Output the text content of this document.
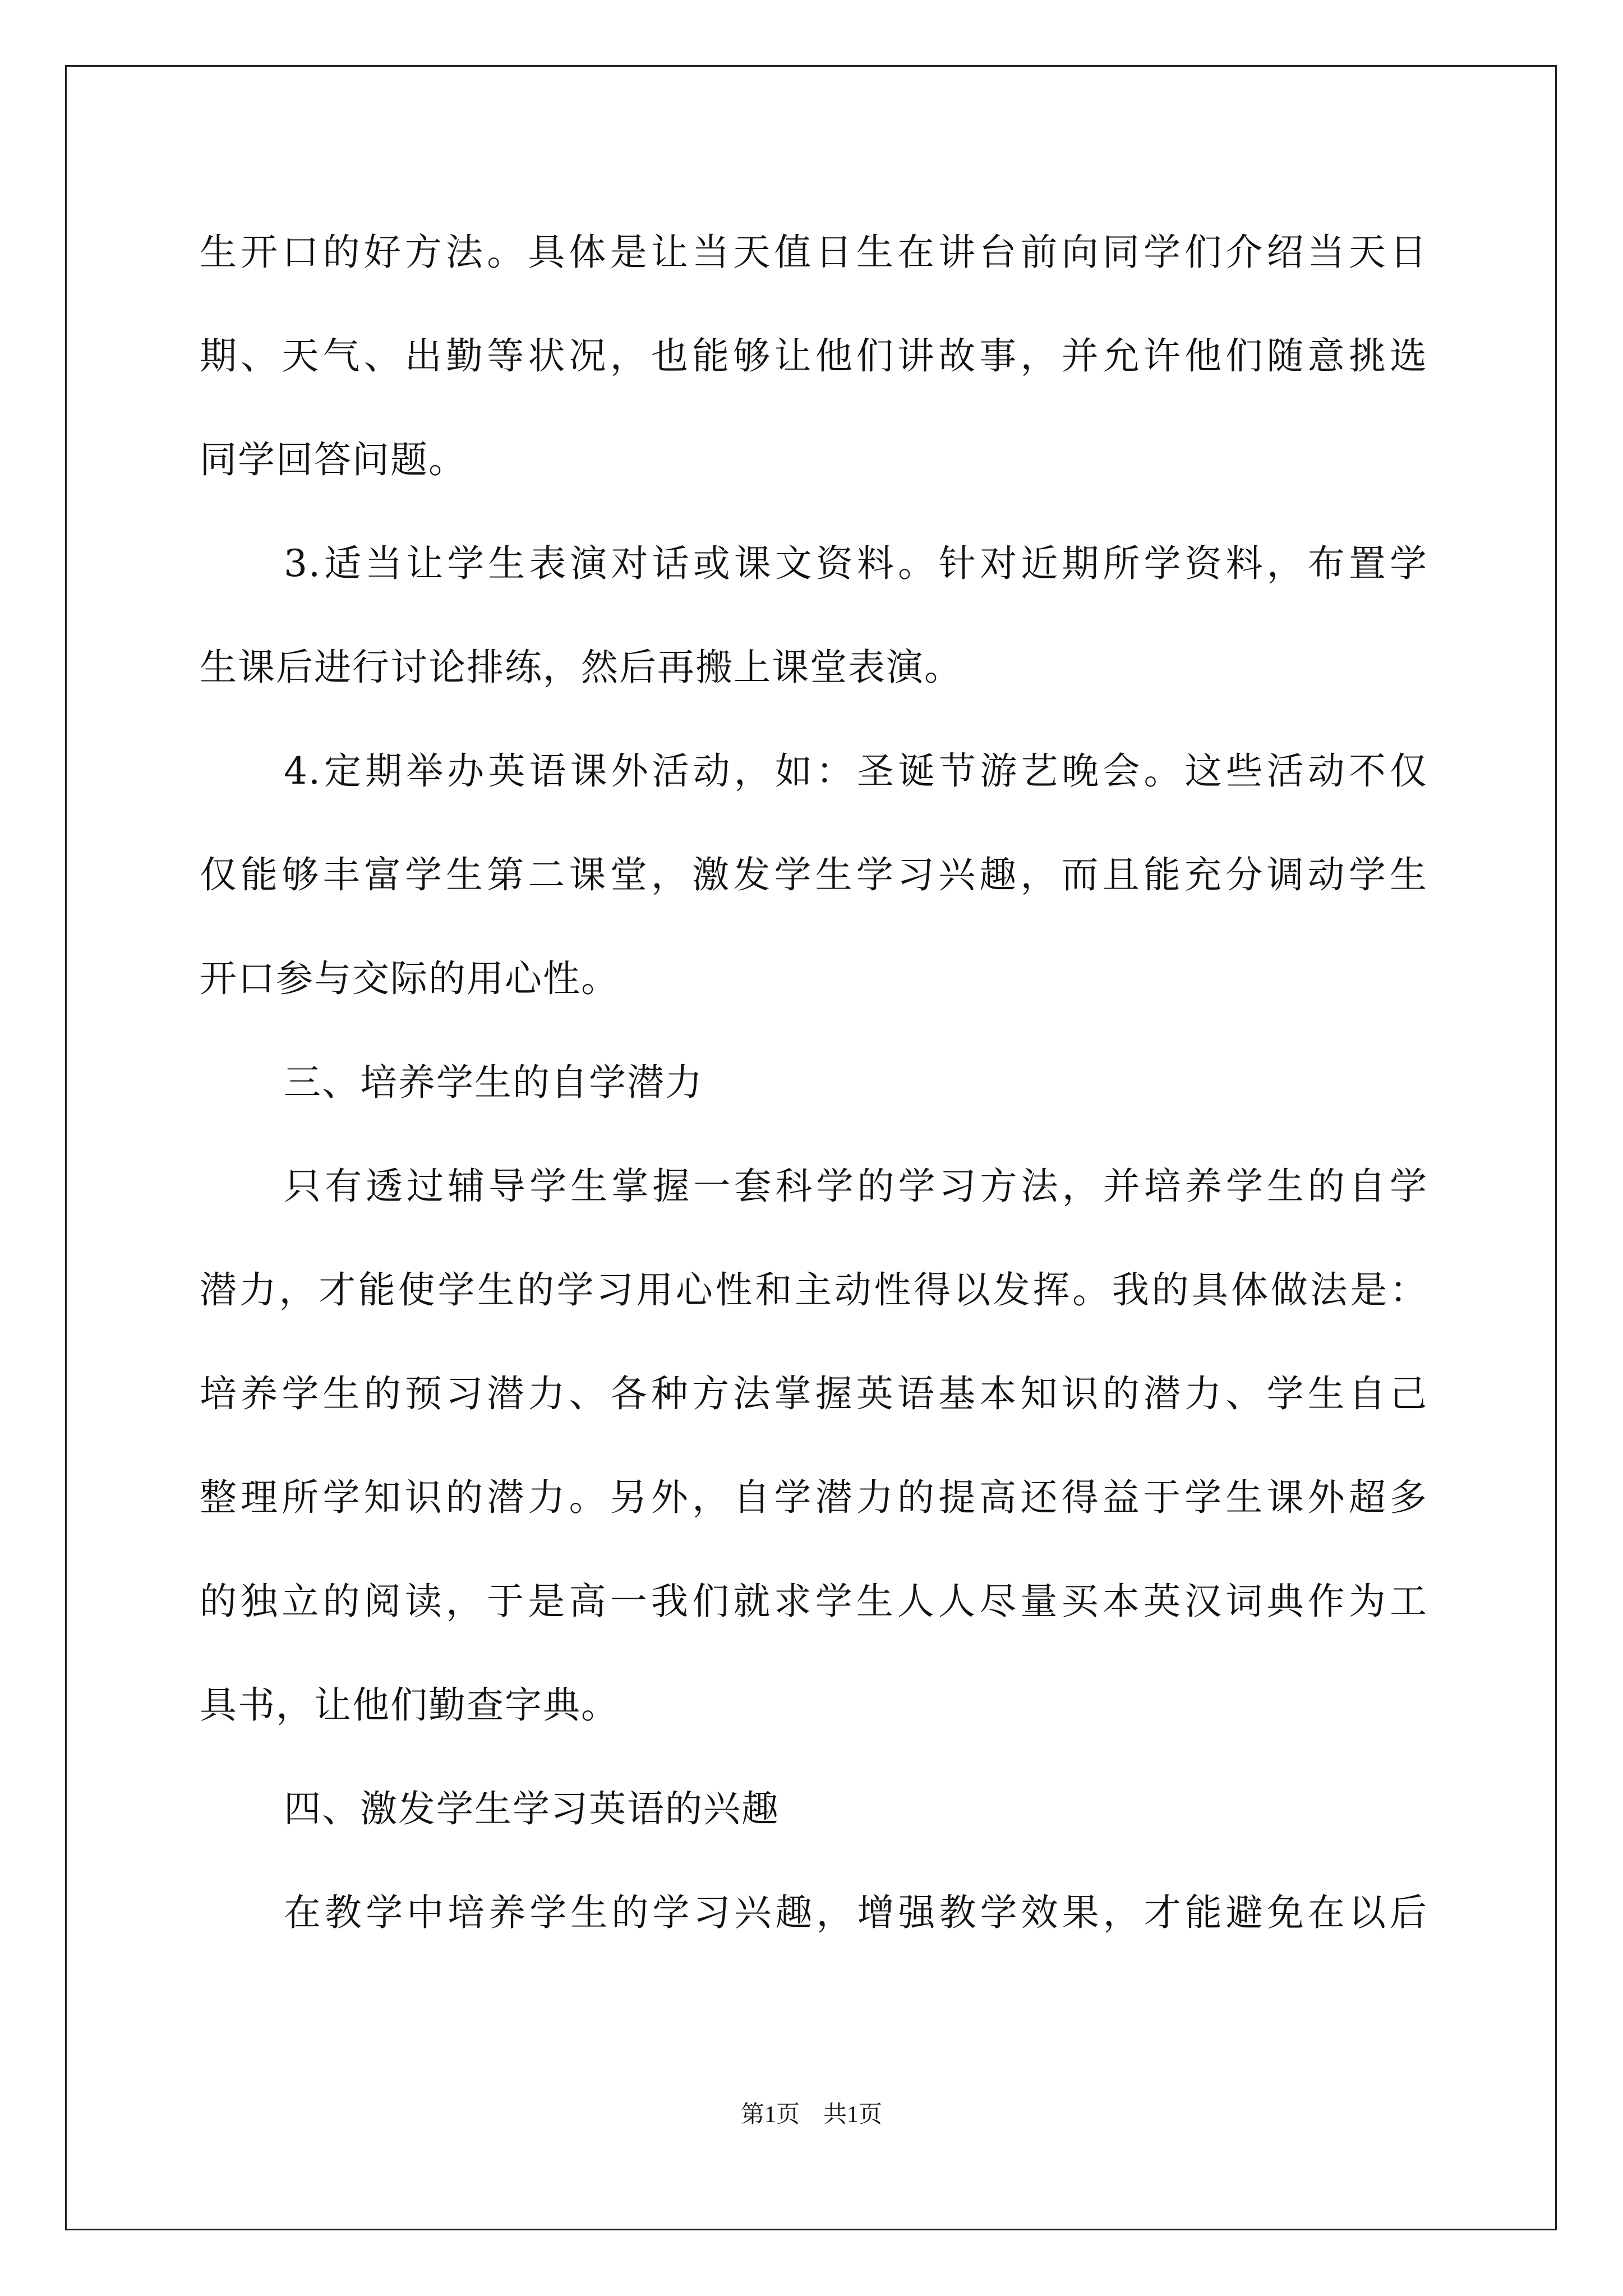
生开口的好方法。具体是让当天值日生在讲台前向同学们介绍当天日
期、天气、出勤等状况，也能够让他们讲故事，并允许他们随意挑选
同学回答问题。
3.适当让学生表演对话或课文资料。针对近期所学资料，布置学
生课后进行讨论排练，然后再搬上课堂表演。
4.定期举办英语课外活动，如：圣诞节游艺晚会。这些活动不仅
仅能够丰富学生第二课堂，激发学生学习兴趣，而且能充分调动学生
开口参与交际的用心性。
三、培养学生的自学潜力
只有透过辅导学生掌握一套科学的学习方法，并培养学生的自学
潜力，才能使学生的学习用心性和主动性得以发挥。我的具体做法是：
培养学生的预习潜力、各种方法掌握英语基本知识的潜力、学生自己
整理所学知识的潜力。另外，自学潜力的提高还得益于学生课外超多
的独立的阅读，于是高一我们就求学生人人尽量买本英汉词典作为工
具书，让他们勤查字典。
四、激发学生学习英语的兴趣
在教学中培养学生的学习兴趣，增强教学效果，才能避免在以后
第1页　共1页
